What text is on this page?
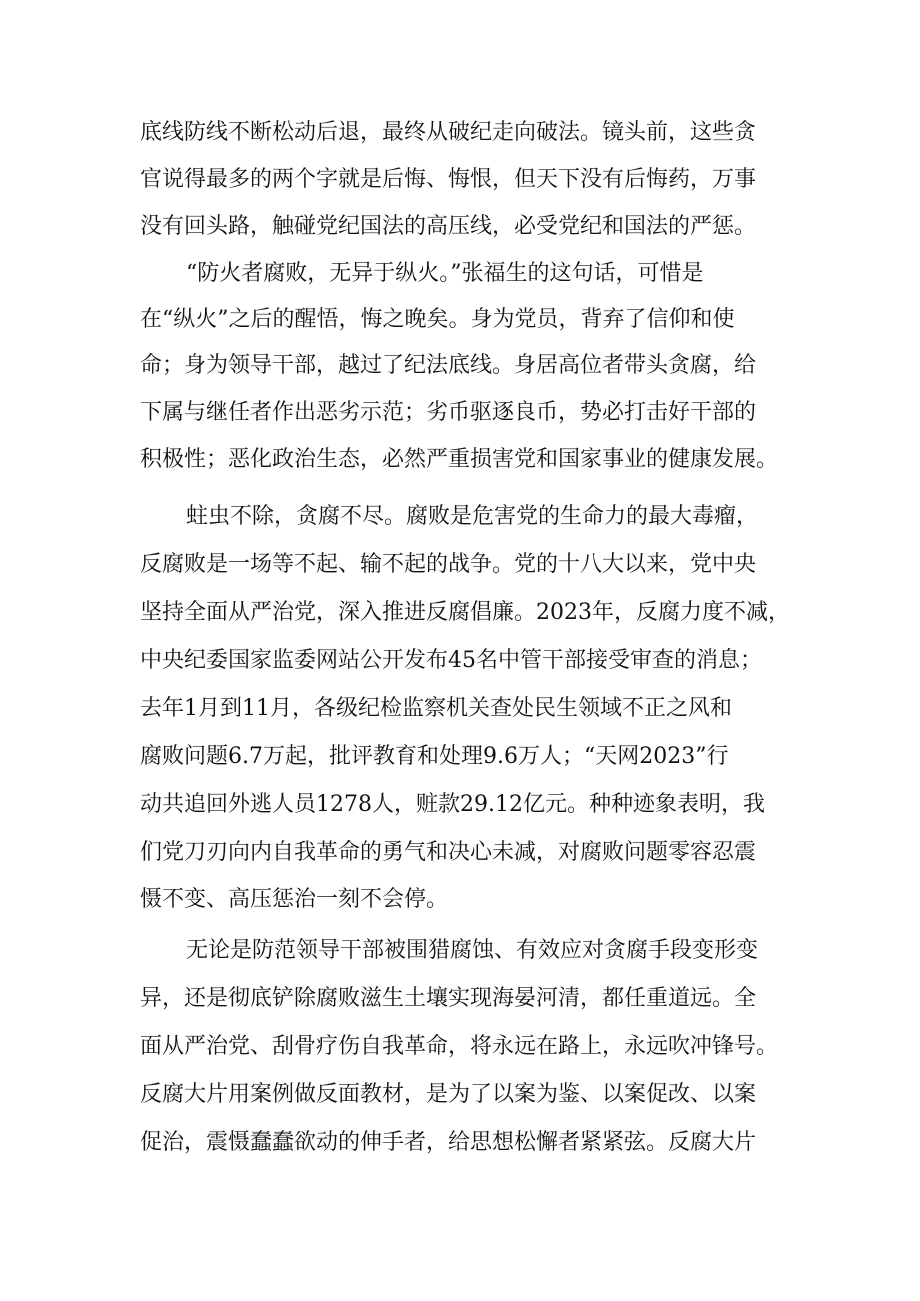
底线防线不断松动后退，最终从破纪走向破法。镜头前，这些贪
官说得最多的两个字就是后悔、悔恨，但天下没有后悔药，万事
没有回头路，触碰党纪国法的高压线，必受党纪和国法的严惩。
“防火者腐败，无异于纵火。”张福生的这句话，可惜是
在“纵火”之后的醒悟，悔之晚矣。身为党员，背弃了信仰和使
命；身为领导干部，越过了纪法底线。身居高位者带头贪腐，给
下属与继任者作出恶劣示范；劣币驱逐良币，势必打击好干部的
积极性；恶化政治生态，必然严重损害党和国家事业的健康发展。
蛀虫不除，贪腐不尽。腐败是危害党的生命力的最大毒瘤，
反腐败是一场等不起、输不起的战争。党的十八大以来，党中央
坚持全面从严治党，深入推进反腐倡廉。2023年，反腐力度不减，
中央纪委国家监委网站公开发布45名中管干部接受审查的消息；
去年1月到11月，各级纪检监察机关查处民生领域不正之风和
腐败问题6.7万起，批评教育和处理9.6万人；“天网2023”行
动共追回外逃人员1278人，赃款29.12亿元。种种迹象表明，我
们党刀刃向内自我革命的勇气和决心未减，对腐败问题零容忍震
慑不变、高压惩治一刻不会停。
无论是防范领导干部被围猎腐蚀、有效应对贪腐手段变形变
异，还是彻底铲除腐败滋生土壤实现海晏河清，都任重道远。全
面从严治党、刮骨疗伤自我革命，将永远在路上，永远吹冲锋号。
反腐大片用案例做反面教材，是为了以案为鉴、以案促改、以案
促治，震慑蠢蠢欲动的伸手者，给思想松懈者紧紧弦。反腐大片
